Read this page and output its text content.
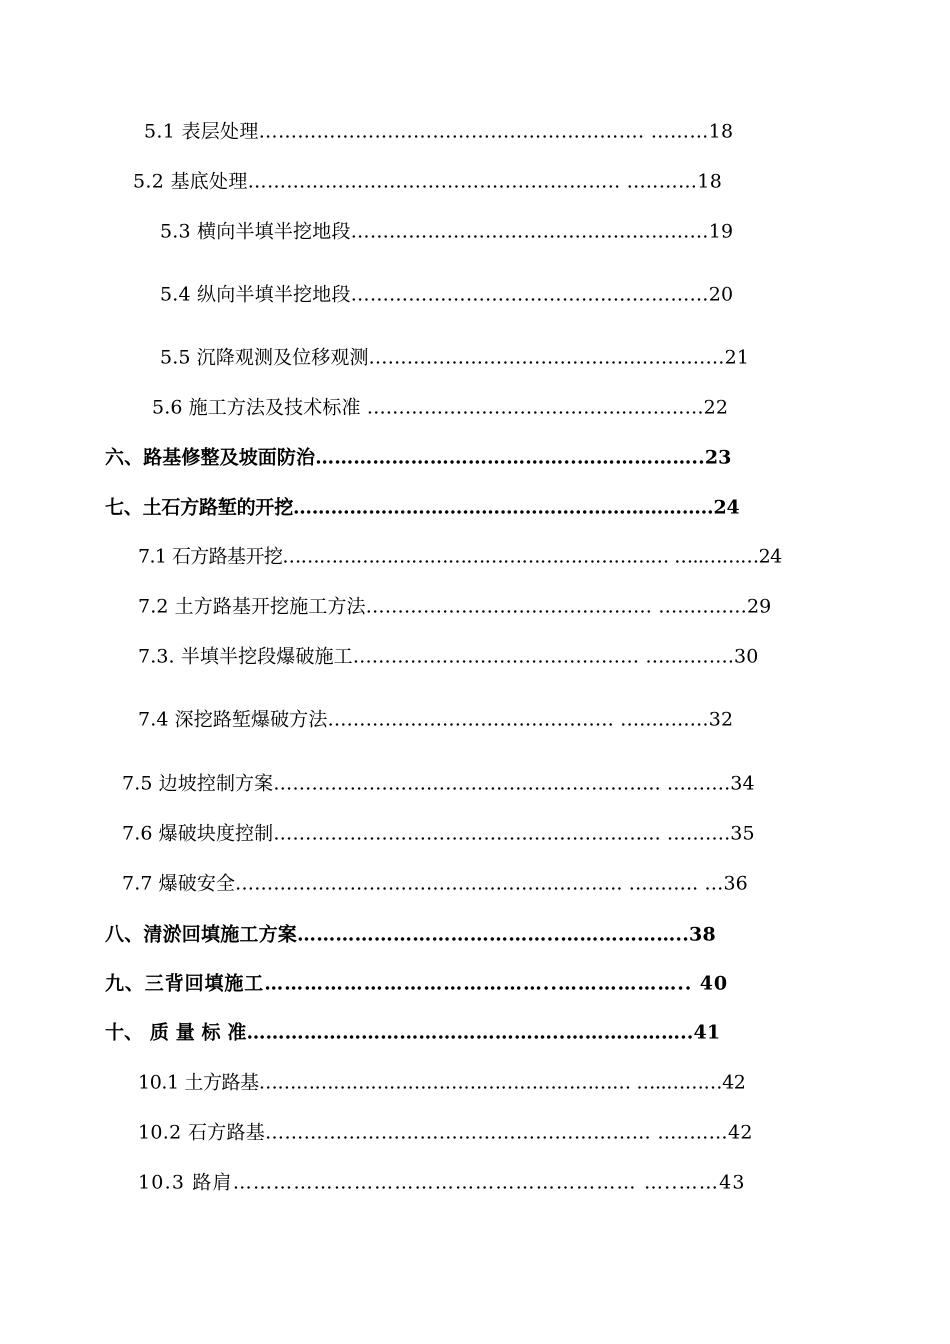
5.1 表层处理…………………………………..………………. ………18
5.2 基底处理…………………………………..…………….. ..………18
5.3 横向半填半挖地段…………………………………..……………19
5.4 纵向半填半挖地段…………………………………..……………20
5.5 沉降观测及位移观测…………………………………..……………21
5.6 施工方法及技术标准 …………………………………..…………22
六、路基修整及坡面防治…………………………………..………………..23
七、土石方路堑的开挖………………………………………..………………..24
7.1 石方路基开挖……………………………………………………… …..………24
7.2 土方路基开挖施工方法……………………………………… …..………29
7.3. 半填半挖段爆破施工……………………………………… ….……….30
7.4 深挖路堑爆破方法……………………………………… …..………32
7.5 边坡控制方案…………………………………..……………….. ……….34
7.6 爆破块度控制…………………………………..……………….. ……….35
7.7 爆破安全…………………………………..……………….. ……….. …36
八、清淤回填施工方案…………………………………..………………..38
九、三背回填施工……………………………………..……………….. 40
十、 质 量 标 准…………………………………………..………………..41
10.1 土方路基…………………………………………………… …..………42
10.2 石方路基…………………………………………………… …..……42
10.3 路肩…………………………………………………… …..……43
